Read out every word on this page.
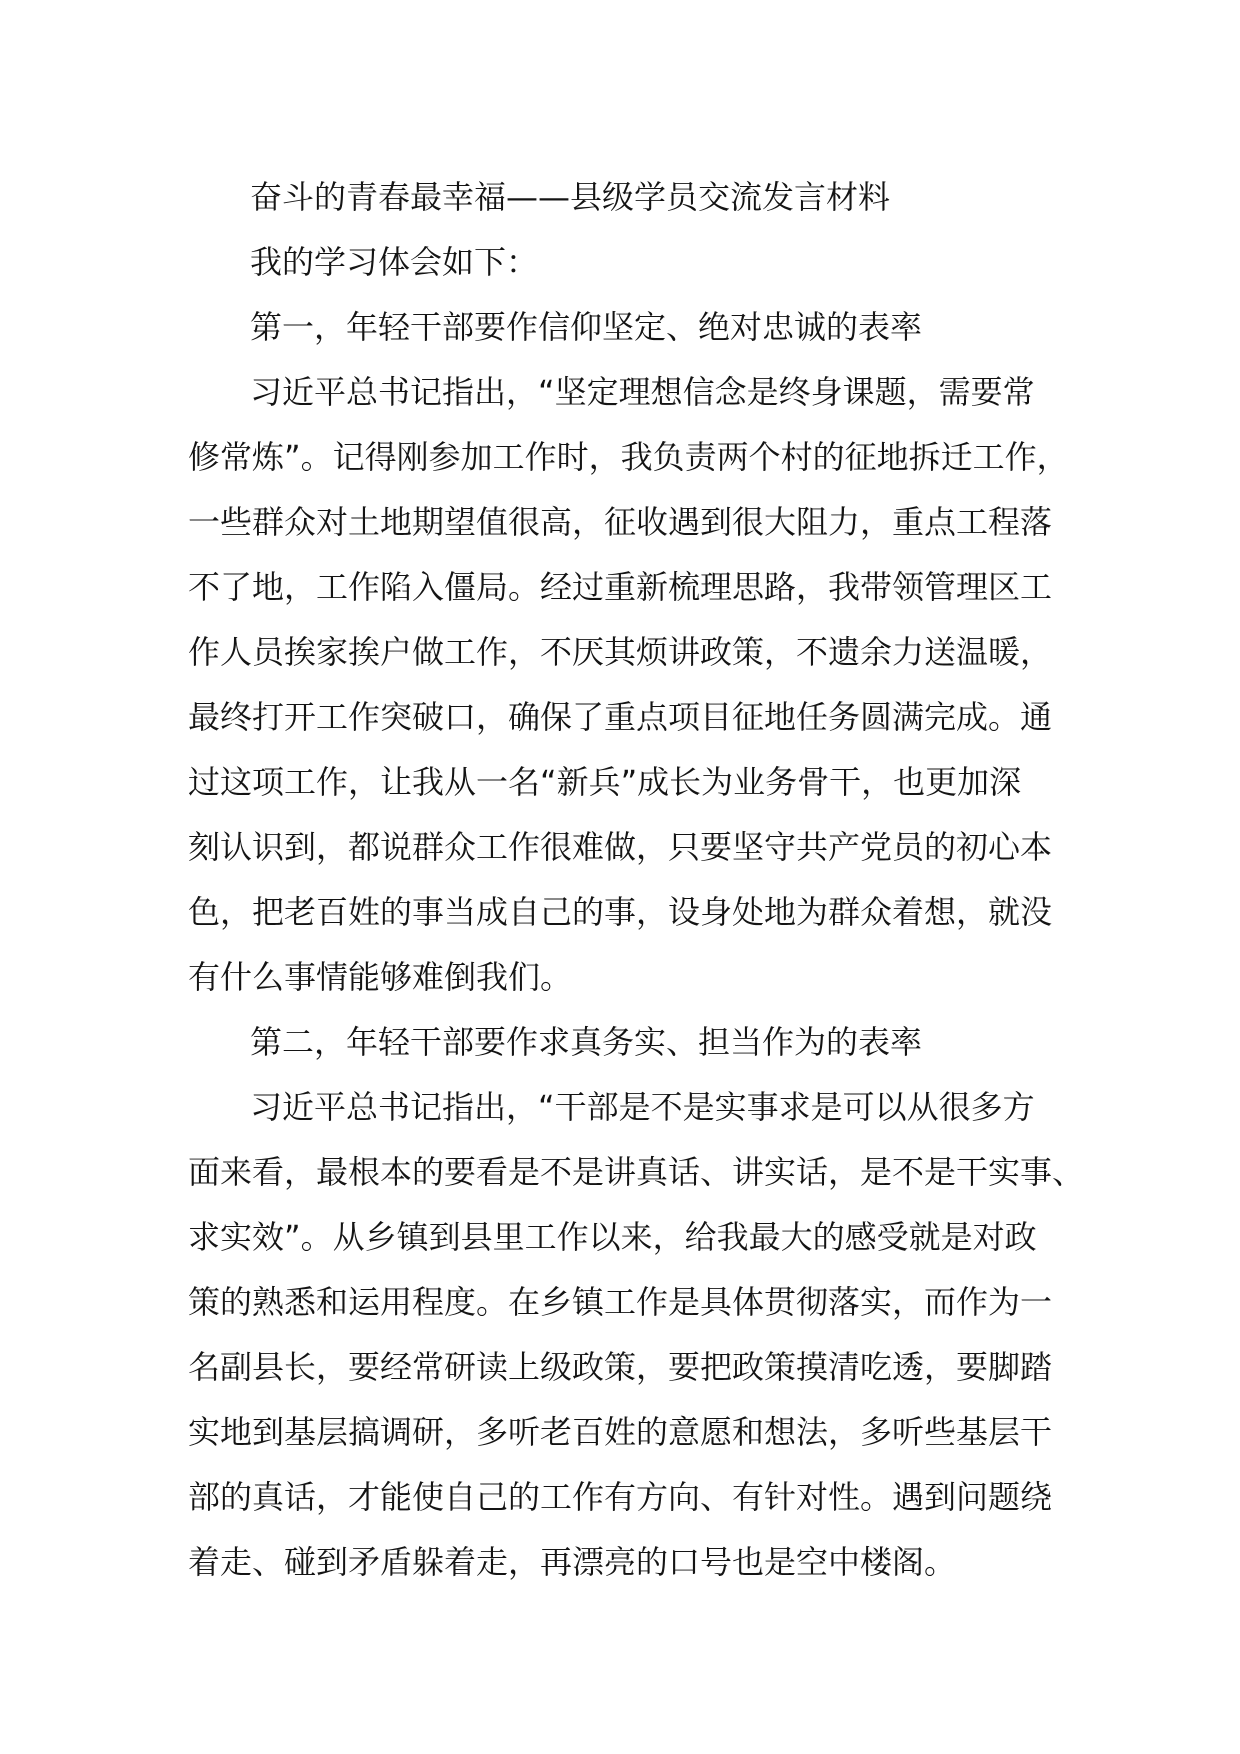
奋斗的青春最幸福——县级学员交流发言材料
我的学习体会如下：
第一，年轻干部要作信仰坚定、绝对忠诚的表率
习近平总书记指出，“坚定理想信念是终身课题，需要常
修常炼”。记得刚参加工作时，我负责两个村的征地拆迁工作，
一些群众对土地期望值很高，征收遇到很大阻力，重点工程落
不了地，工作陷入僵局。经过重新梳理思路，我带领管理区工
作人员挨家挨户做工作，不厌其烦讲政策，不遗余力送温暖，
最终打开工作突破口，确保了重点项目征地任务圆满完成。通
过这项工作，让我从一名“新兵”成长为业务骨干，也更加深
刻认识到，都说群众工作很难做，只要坚守共产党员的初心本
色，把老百姓的事当成自己的事，设身处地为群众着想，就没
有什么事情能够难倒我们。
第二，年轻干部要作求真务实、担当作为的表率
习近平总书记指出，“干部是不是实事求是可以从很多方
面来看，最根本的要看是不是讲真话、讲实话，是不是干实事、
求实效”。从乡镇到县里工作以来，给我最大的感受就是对政
策的熟悉和运用程度。在乡镇工作是具体贯彻落实，而作为一
名副县长，要经常研读上级政策，要把政策摸清吃透，要脚踏
实地到基层搞调研，多听老百姓的意愿和想法，多听些基层干
部的真话，才能使自己的工作有方向、有针对性。遇到问题绕
着走、碰到矛盾躲着走，再漂亮的口号也是空中楼阁。
